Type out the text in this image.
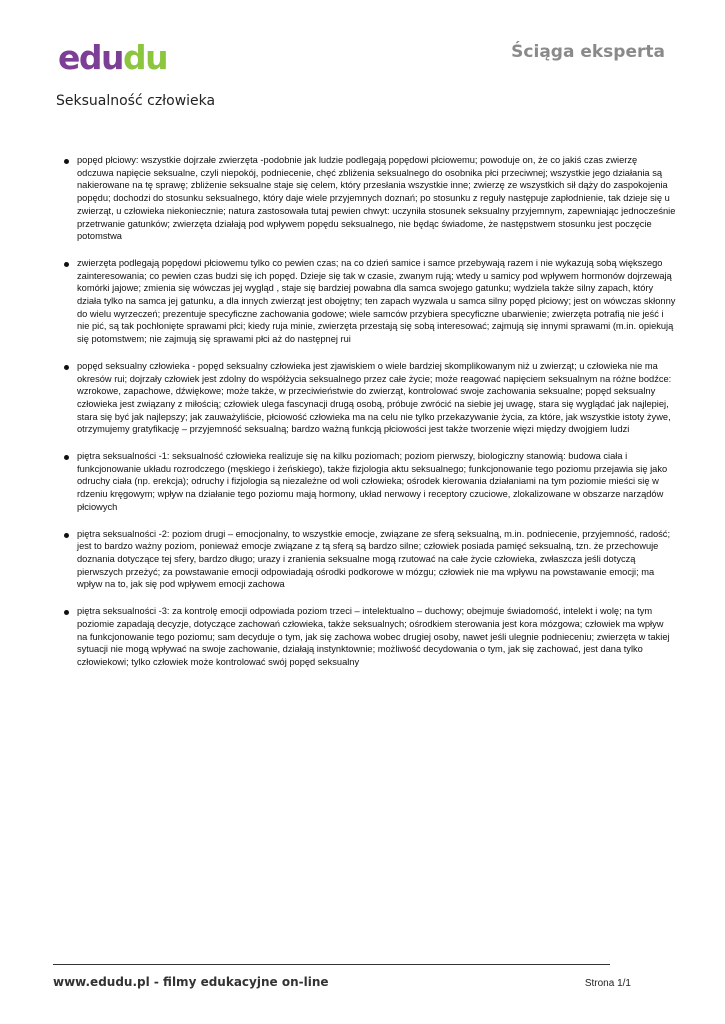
e d u d u	Ściąga eksperta
Seksualność człowieka
popęd płciowy: wszystkie dojrzałe zwierzęta -podobnie jak ludzie podlegają popędowi płciowemu; powoduje on, że co jakiś czas zwierzę odczuwa napięcie seksualne, czyli niepokój, podniecenie, chęć zbliżenia seksualnego do osobnika płci przeciwnej; wszystkie jego działania są nakierowane na tę sprawę; zbliżenie seksualne staje się celem, który przesłania wszystkie inne; zwierzę ze wszystkich sił dąży do zaspokojenia popędu; dochodzi do stosunku seksualnego, który daje wiele przyjemnych doznań; po stosunku z reguły następuje zapłodnienie, tak dzieje się u zwierząt, u człowieka niekoniecznie; natura zastosowała tutaj pewien chwyt: uczyniła stosunek seksualny przyjemnym, zapewniając jednocześnie przetrwanie gatunków; zwierzęta działają pod wpływem popędu seksualnego, nie będąc świadome, że następstwem stosunku jest poczęcie potomstwa
zwierzęta podlegają popędowi płciowemu tylko co pewien czas; na co dzień samice i samce przebywają razem i nie wykazują sobą większego zainteresowania; co pewien czas budzi się ich popęd. Dzieje się tak w czasie, zwanym rują; wtedy u samicy pod wpływem hormonów dojrzewają komórki jajowe; zmienia się wówczas jej wygląd , staje się bardziej powabna dla samca swojego gatunku; wydziela także silny zapach, który działa tylko na samca jej gatunku, a dla innych zwierząt jest obojętny; ten zapach wyzwala u samca silny popęd płciowy; jest on wówczas skłonny do wielu wyrzeczeń; prezentuje specyficzne zachowania godowe; wiele samców przybiera specyficzne ubarwienie; zwierzęta potrafią nie jeść i nie pić, są tak pochłonięte sprawami płci; kiedy ruja minie, zwierzęta przestają się sobą interesować; zajmują się innymi sprawami (m.in. opiekują się potomstwem; nie zajmują się sprawami płci aż do następnej rui
popęd seksualny człowieka - popęd seksualny człowieka jest zjawiskiem o wiele bardziej skomplikowanym niż u zwierząt; u człowieka nie ma okresów rui; dojrzały człowiek jest zdolny do współżycia seksualnego przez całe życie; może reagować napięciem seksualnym na różne bodźce: wzrokowe, zapachowe, dźwiękowe; może także, w przeciwieństwie do zwierząt, kontrolować swoje zachowania seksualne; popęd seksualny człowieka jest związany z miłością; człowiek ulega fascynacji drugą osobą, próbuje zwrócić na siebie jej uwagę, stara się wyglądać jak najlepiej, stara się być jak najlepszy; jak zauważyliście, płciowość człowieka ma na celu nie tylko przekazywanie życia, za które, jak wszystkie istoty żywe, otrzymujemy gratyfikację – przyjemność seksualną; bardzo ważną funkcją płciowości jest także tworzenie więzi między dwojgiem ludzi
piętra seksualności -1: seksualność człowieka realizuje się na kilku poziomach; poziom pierwszy, biologiczny stanowią: budowa ciała i funkcjonowanie układu rozrodczego (męskiego i żeńskiego), także fizjologia aktu seksualnego; funkcjonowanie tego poziomu przejawia się jako odruchy ciała (np. erekcja); odruchy i fizjologia są niezależne od woli człowieka; ośrodek kierowania działaniami na tym poziomie mieści się w rdzeniu kręgowym; wpływ na działanie tego poziomu mają hormony, układ nerwowy i receptory czuciowe, zlokalizowane w obszarze narządów płciowych
piętra seksualności -2: poziom drugi – emocjonalny, to wszystkie emocje, związane ze sferą seksualną, m.in. podniecenie, przyjemność, radość; jest to bardzo ważny poziom, ponieważ emocje związane z tą sferą są bardzo silne; człowiek posiada pamięć seksualną, tzn. że przechowuje doznania dotyczące tej sfery, bardzo długo; urazy i zranienia seksualne mogą rzutować na całe życie człowieka, zwłaszcza jeśli dotyczą pierwszych przeżyć; za powstawanie emocji odpowiadają ośrodki podkorowe w mózgu; człowiek nie ma wpływu na powstawanie emocji; ma wpływ na to, jak się pod wpływem emocji zachowa
piętra seksualności -3: za kontrolę emocji odpowiada poziom trzeci – intelektualno – duchowy; obejmuje świadomość, intelekt i wolę; na tym poziomie zapadają decyzje, dotyczące zachowań człowieka, także seksualnych; ośrodkiem sterowania jest kora mózgowa; człowiek ma wpływ na funkcjonowanie tego poziomu; sam decyduje o tym, jak się zachowa wobec drugiej osoby, nawet jeśli ulegnie podnieceniu; zwierzęta w takiej sytuacji nie mogą wpływać na swoje zachowanie, działają instynktownie; możliwość decydowania o tym, jak się zachować, jest dana tylko człowiekowi; tylko człowiek może kontrolować swój popęd seksualny
www.edudu.pl - filmy edukacyjne on-line	Strona 1/1
